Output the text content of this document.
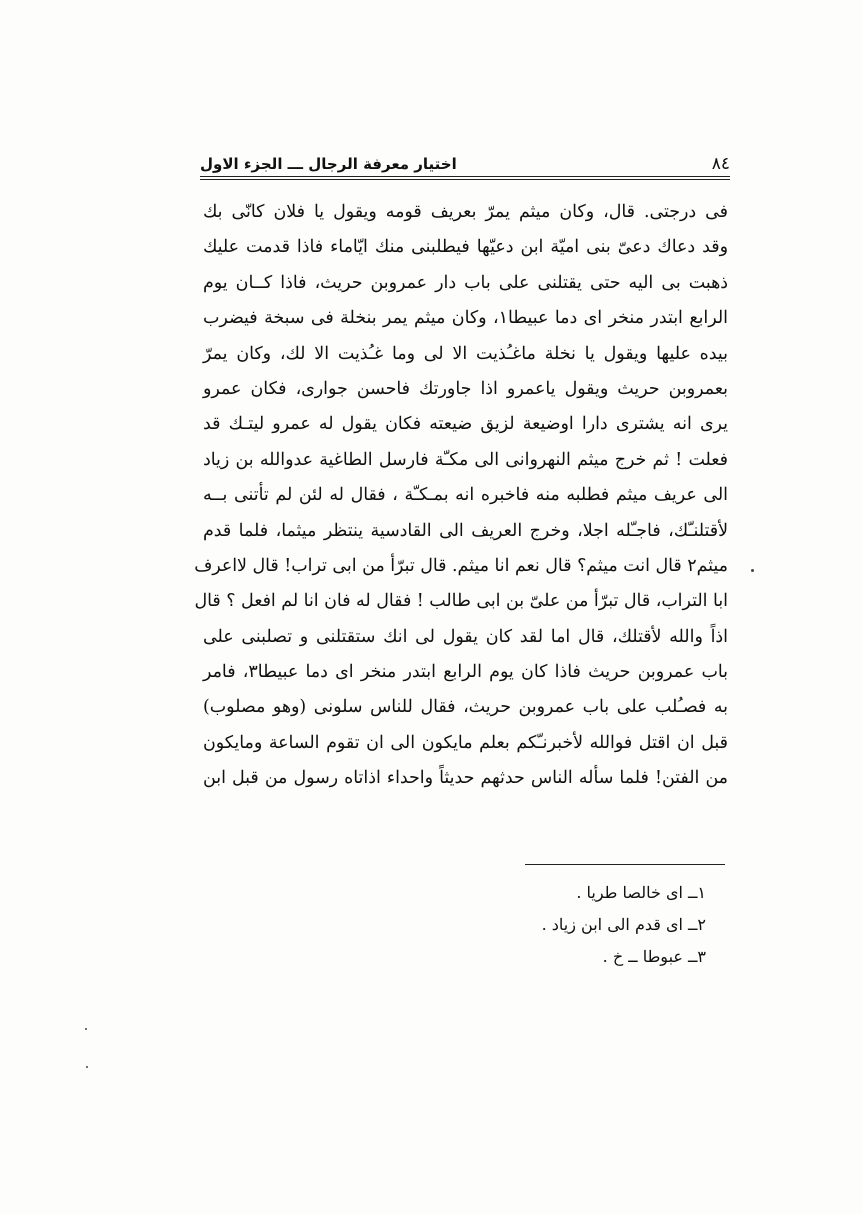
٨٤
اختيار معرفة الرجال ـــ الجزء الاول
فى درجتى. قال، وكان ميثم يمرّ بعريف قومه ويقول يا فلان كانّى بك
وقد دعاك دعىّ بنى اميّة ابن دعيّها فيطلبنى منك ايّاماء فاذا قدمت عليك
ذهبت بى اليه حتى يقتلنى على باب دار عمروبن حريث، فاذا كــان يوم
الرابع ابتدر منخر اى دما عبيطا١، وكان ميثم يمر بنخلة فى سبخة فيضرب
بيده عليها ويقول يا نخلة ماغـُذيت الا لى وما غـُذيت الا لك، وكان يمرّ
بعمروبن حريث ويقول ياعمرو اذا جاورتك فاحسن جوارى، فكان عمرو
يرى انه يشترى دارا اوضيعة لزيق ضيعته فكان يقول له عمرو ليتـك قد
فعلت ! ثم خرج ميثم النهروانى الى مكـّة فارسل الطاغية عدوالله بن زياد
الى عريف ميثم فطلبه منه فاخبره انه بمـكـّة ، فقال له لئن لم تأتنى بــه
لأقتلنـّك، فاجـّله اجلا، وخرج العريف الى القادسية ينتظر ميثما، فلما قدم
ميثم٢ قال انت ميثم؟ قال نعم انا ميثم. قال تبرّأ من ابى تراب! قال لااعرف
ابا التراب، قال تبرّأ من علىّ بن ابى طالب ! فقال له فان انا لم افعل ؟ قال
اذاً والله لأقتلك، قال اما لقد كان يقول لى انك ستقتلنى و تصلبنى على
باب عمروبن حريث فاذا كان يوم الرابع ابتدر منخر اى دما عبيطا٣، فامر
به فصـُلب على باب عمروبن حريث، فقال للناس سلونى (وهو مصلوب)
قبل ان اقتل فوالله لأخبرنـّكم بعلم مايكون الى ان تقوم الساعة ومايكون
من الفتن! فلما سأله الناس حدثهم حديثاً واحداء اذاتاه رسول من قبل ابن
١ــ اى خالصا طريا .
٢ــ اى قدم الى ابن زياد .
٣ــ عبوطا ــ خ .
